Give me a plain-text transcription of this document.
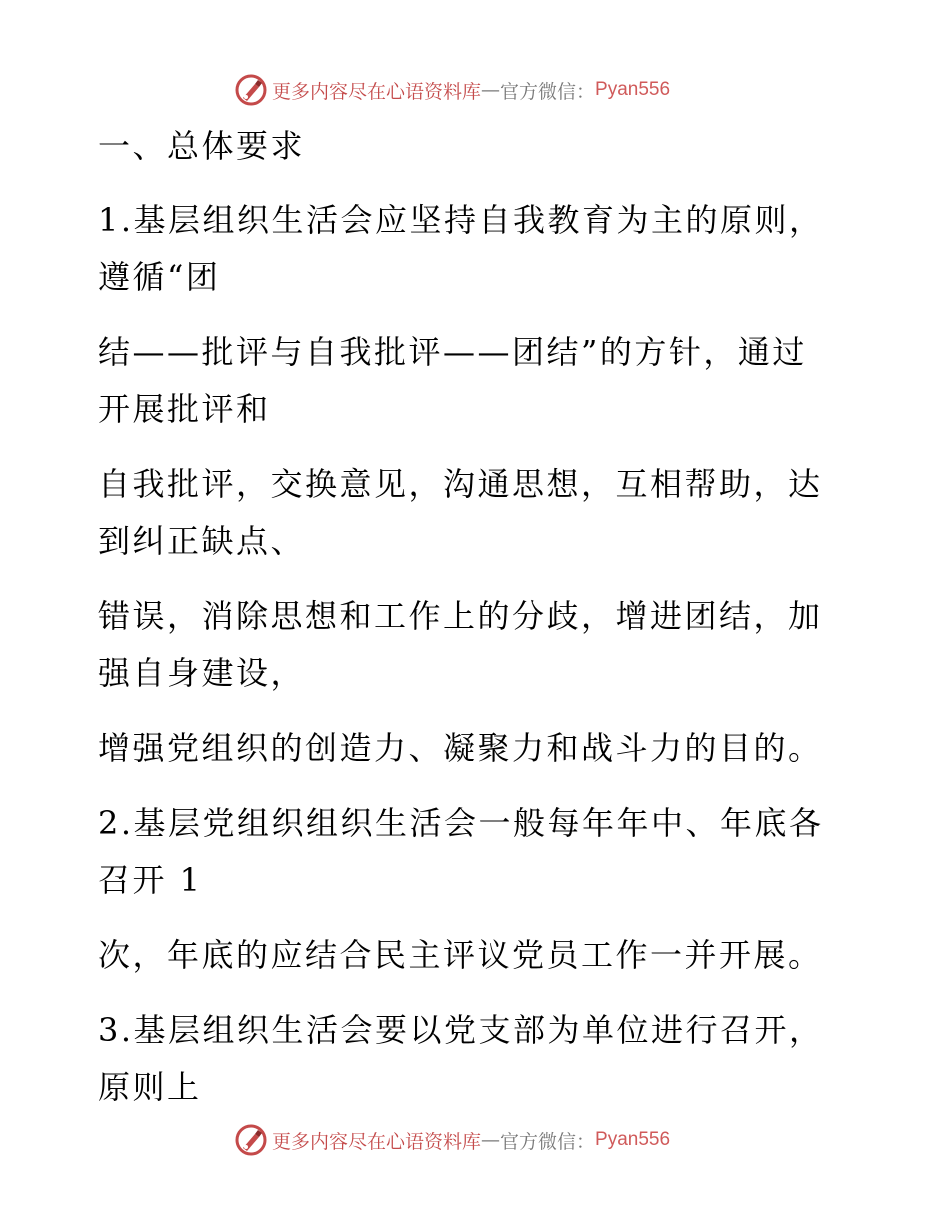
更多内容尽在心语资料库 — 官方微信： Pyan556
一、总体要求
1.基层组织生活会应坚持自我教育为主的原则，
遵循“团
结——批评与自我批评——团结”的方针，通过
开展批评和
自我批评，交换意见，沟通思想，互相帮助，达
到纠正缺点、
错误，消除思想和工作上的分歧，增进团结，加
强自身建设，
增强党组织的创造力、凝聚力和战斗力的目的。
2.基层党组织组织生活会一般每年年中、年底各
召开 1
次，年底的应结合民主评议党员工作一并开展。
3.基层组织生活会要以党支部为单位进行召开，
原则上
更多内容尽在心语资料库 — 官方微信： Pyan556
